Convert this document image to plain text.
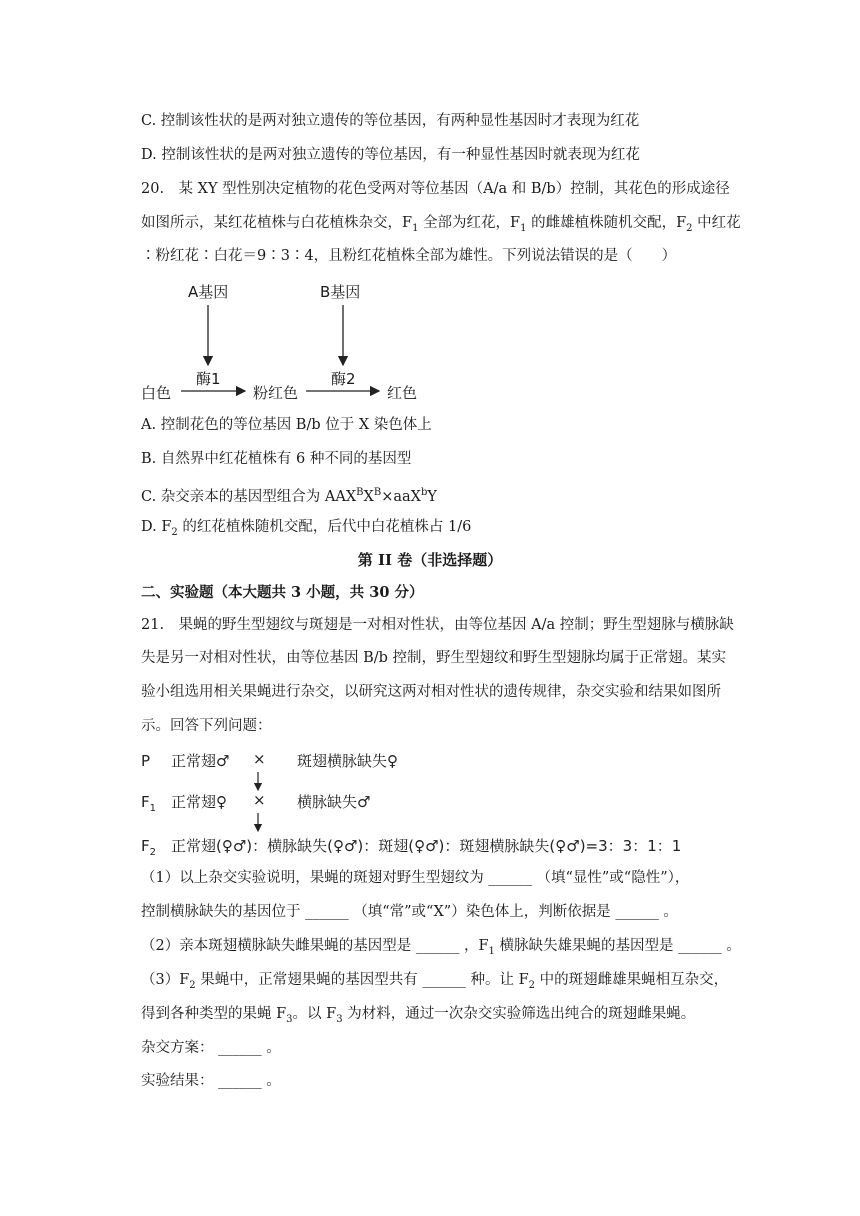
C. 控制该性状的是两对独立遗传的等位基因，有两种显性基因时才表现为红花
D. 控制该性状的是两对独立遗传的等位基因，有一种显性基因时就表现为红花
20.　某 XY 型性别决定植物的花色受两对等位基因（A/a 和 B/b）控制，其花色的形成途径
如图所示，某红花植株与白花植株杂交，$F_1$ 全部为红花，$F_1$ 的雌雄植株随机交配，$F_2$ 中红花
∶粉红花∶白花＝9∶3∶4，且粉红花植株全部为雄性。下列说法错误的是（　　）
A基因	B基因
白色
酶1
粉红色
酶2
红色
A. 控制花色的等位基因 B/b 位于 X 染色体上
B. 自然界中红花植株有 6 种不同的基因型
C. 杂交亲本的基因型组合为 $AAX^BX^B\times aaX^bY$
D. $F_2$ 的红花植株随机交配，后代中白花植株占 1/6
第 II 卷（非选择题）
二、实验题（本大题共 3 小题，共 30 分）
21.　果蝇的野生型翅纹与斑翅是一对相对性状，由等位基因 A/a 控制；野生型翅脉与横脉缺
失是另一对相对性状，由等位基因 B/b 控制，野生型翅纹和野生型翅脉均属于正常翅。某实
验小组选用相关果蝇进行杂交，以研究这两对相对性状的遗传规律，杂交实验和结果如图所
示。回答下列问题：
P 正常翅♂ × 斑翅横脉缺失♀
$F_1$ 正常翅♀ × 横脉缺失♂
$F_2$ 正常翅(♀♂)：横脉缺失(♀♂)：斑翅(♀♂)：斑翅横脉缺失(♀♂)=3：3：1：1
（1）以上杂交实验说明，果蝇的斑翅对野生型翅纹为 ______ （填“显性”或“隐性”），
控制横脉缺失的基因位于 ______ （填“常”或“X”）染色体上，判断依据是 ______ 。
（2）亲本斑翅横脉缺失雌果蝇的基因型是 ______ ，$F_1$ 横脉缺失雄果蝇的基因型是 ______ 。
$(3)F_2$ 果蝇中，正常翅果蝇的基因型共有 ______ 种。让 $F_2$ 中的斑翅雌雄果蝇相互杂交，
得到各种类型的果蝇 $F_3$。以 $F_3$ 为材料，通过一次杂交实验筛选出纯合的斑翅雌果蝇。
杂交方案： ______ 。
实验结果： ______ 。
